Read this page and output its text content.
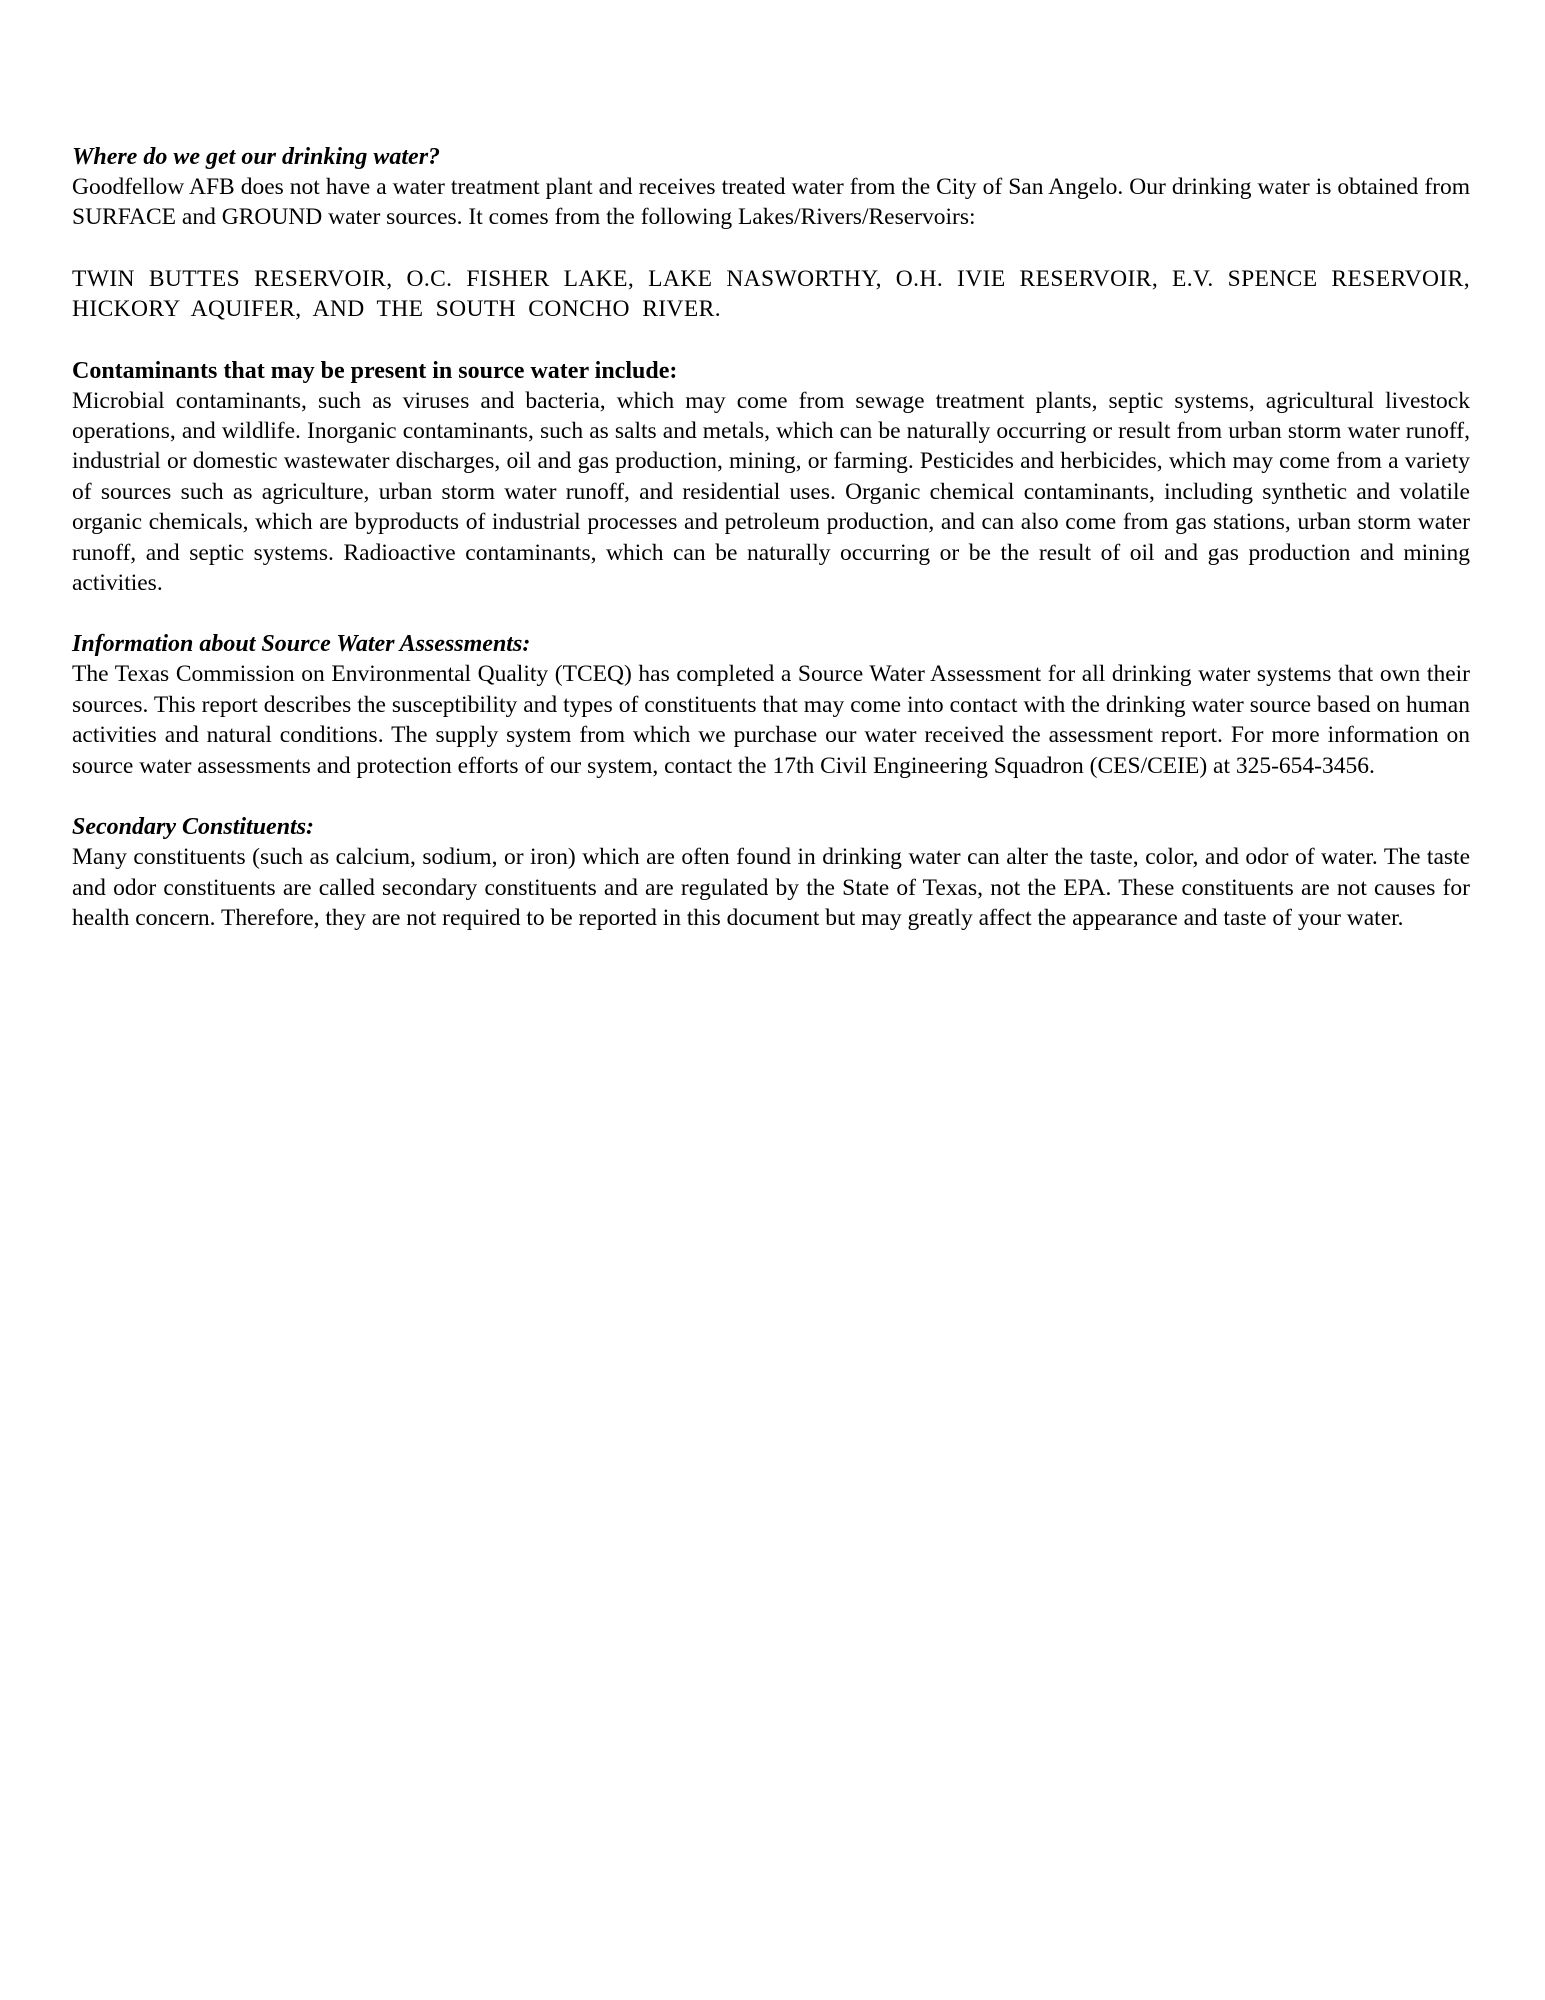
Where do we get our drinking water?

Goodfellow AFB does not have a water treatment plant and receives treated water from the City of San Angelo. Our drinking water is obtained from SURFACE and GROUND water sources. It comes from the following Lakes/Rivers/Reservoirs:

TWIN BUTTES RESERVOIR, O.C. FISHER LAKE, LAKE NASWORTHY, O.H. IVIE RESERVOIR, E.V. SPENCE RESERVOIR, HICKORY AQUIFER, AND THE SOUTH CONCHO RIVER.

Contaminants that may be present in source water include:

Microbial contaminants, such as viruses and bacteria, which may come from sewage treatment plants, septic systems, agricultural livestock operations, and wildlife. Inorganic contaminants, such as salts and metals, which can be naturally occurring or result from urban storm water runoff, industrial or domestic wastewater discharges, oil and gas production, mining, or farming. Pesticides and herbicides, which may come from a variety of sources such as agriculture, urban storm water runoff, and residential uses. Organic chemical contaminants, including synthetic and volatile organic chemicals, which are byproducts of industrial processes and petroleum production, and can also come from gas stations, urban storm water runoff, and septic systems. Radioactive contaminants, which can be naturally occurring or be the result of oil and gas production and mining activities.

Information about Source Water Assessments:

The Texas Commission on Environmental Quality (TCEQ) has completed a Source Water Assessment for all drinking water systems that own their sources. This report describes the susceptibility and types of constituents that may come into contact with the drinking water source based on human activities and natural conditions. The supply system from which we purchase our water received the assessment report. For more information on source water assessments and protection efforts of our system, contact the 17th Civil Engineering Squadron (CES/CEIE) at 325-654-3456.

Secondary Constituents:

Many constituents (such as calcium, sodium, or iron) which are often found in drinking water can alter the taste, color, and odor of water. The taste and odor constituents are called secondary constituents and are regulated by the State of Texas, not the EPA. These constituents are not causes for health concern. Therefore, they are not required to be reported in this document but may greatly affect the appearance and taste of your water.
